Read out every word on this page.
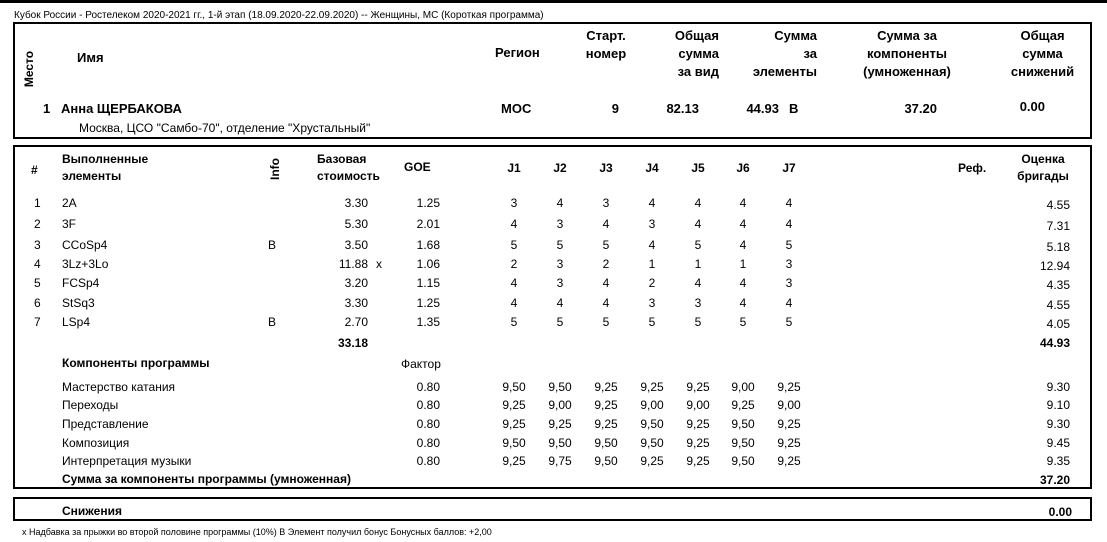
Кубок России - Ростелеком 2020-2021 гг., 1-й этап (18.09.2020-22.09.2020) -- Женщины, МС (Короткая программа)
Место	Имя	Регион
Старт.
номер
Общая
сумма
за вид
Сумма
за
элементы
Сумма за
компоненты
(умноженная)
Общая
сумма
снижений
1 Анна ЩЕРБАКОВА
Москва, ЦСО "Самбо-70", отделение "Хрустальный"
МОС	9	82.13	44.93 B	37.20	0.00
#
Выполненные
элементы	Info	Базовая
стоимость
GOE	J1	J2	J3	J4	J5	J6	J7	Реф.
Оценка
бригады
1 2A	3.30	1.25	3	4	3	4	4	4	4	4.55
2 3F	5.30	2.01	4	3	4	3	4	4	4	7.31
3 CCoSp4	B	3.50	1.68	5	5	5	4	5	4	5	5.18
4 3Lz+3Lo	11.88 x	1.06	2	3	2	1	1	1	3	12.94
5 FCSp4	3.20	1.15	4	3	4	2	4	4	3	4.35
6 StSq3	3.30	1.25	4	4	4	3	3	4	4	4.55
7 LSp4	B	2.70	1.35	5	5	5	5	5	5	5	4.05
33.18	44.93
Компоненты программы	Фактор
Мастерство катания	0.80	9,50	9,50	9,25	9,25	9,25	9,00	9,25	9.30
Переходы	0.80	9,25	9,00	9,25	9,00	9,00	9,25	9,00	9.10
Представление	0.80	9,25	9,25	9,25	9,50	9,25	9,50	9,25	9.30
Композиция	0.80	9,50	9,50	9,50	9,50	9,25	9,50	9,25	9.45
Интерпретация музыки	0.80	9,25	9,75	9,50	9,25	9,25	9,50	9,25	9.35
Сумма за компоненты программы (умноженная)	37.20
Снижения	0.00
x Надбавка за прыжки во второй половине программы (10%) B Элемент получил бонус Бонусных баллов: +2,00
